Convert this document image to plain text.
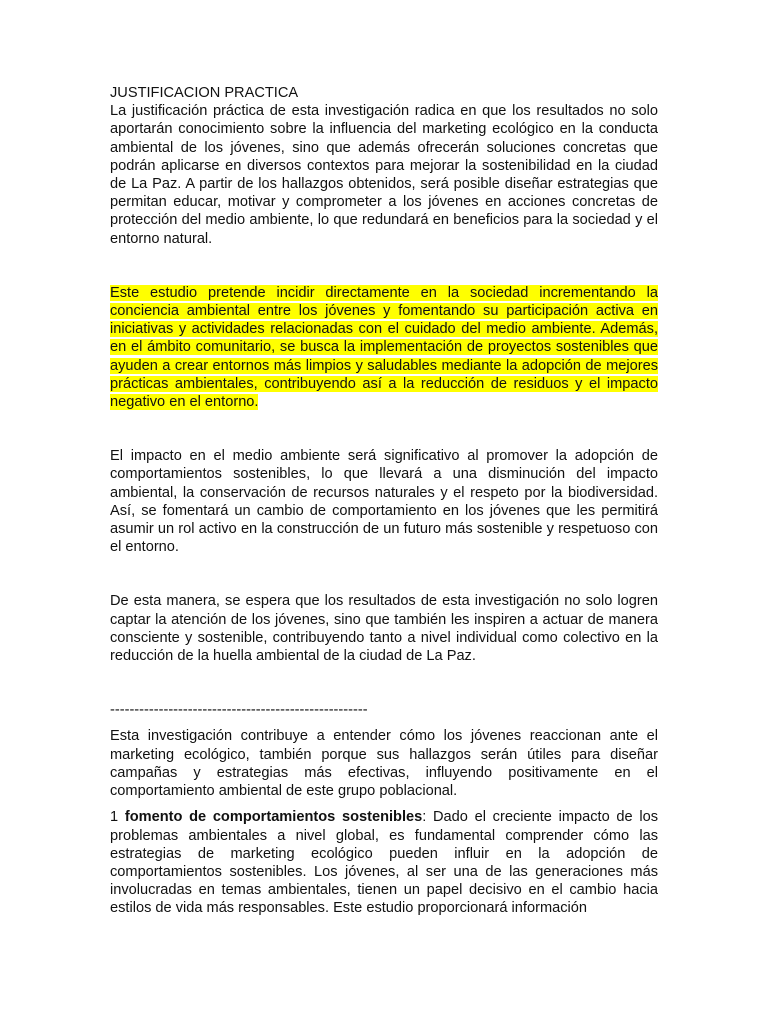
JUSTIFICACION PRACTICA

La justificación práctica de esta investigación radica en que los resultados no solo aportarán conocimiento sobre la influencia del marketing ecológico en la conducta ambiental de los jóvenes, sino que además ofrecerán soluciones concretas que podrán aplicarse en diversos contextos para mejorar la sostenibilidad en la ciudad de La Paz. A partir de los hallazgos obtenidos, será posible diseñar estrategias que permitan educar, motivar y comprometer a los jóvenes en acciones concretas de protección del medio ambiente, lo que redundará en beneficios para la sociedad y el entorno natural.

Este estudio pretende incidir directamente en la sociedad incrementando la conciencia ambiental entre los jóvenes y fomentando su participación activa en iniciativas y actividades relacionadas con el cuidado del medio ambiente. Además, en el ámbito comunitario, se busca la implementación de proyectos sostenibles que ayuden a crear entornos más limpios y saludables mediante la adopción de mejores prácticas ambientales, contribuyendo así a la reducción de residuos y el impacto negativo en el entorno.

El impacto en el medio ambiente será significativo al promover la adopción de comportamientos sostenibles, lo que llevará a una disminución del impacto ambiental, la conservación de recursos naturales y el respeto por la biodiversidad. Así, se fomentará un cambio de comportamiento en los jóvenes que les permitirá asumir un rol activo en la construcción de un futuro más sostenible y respetuoso con el entorno.

De esta manera, se espera que los resultados de esta investigación no solo logren captar la atención de los jóvenes, sino que también les inspiren a actuar de manera consciente y sostenible, contribuyendo tanto a nivel individual como colectivo en la reducción de la huella ambiental de la ciudad de La Paz.

-----------------------------------------------------

Esta investigación contribuye a entender cómo los jóvenes reaccionan ante el marketing ecológico, también porque sus hallazgos serán útiles para diseñar campañas y estrategias más efectivas, influyendo positivamente en el comportamiento ambiental de este grupo poblacional.

1 fomento de comportamientos sostenibles: Dado el creciente impacto de los problemas ambientales a nivel global, es fundamental comprender cómo las estrategias de marketing ecológico pueden influir en la adopción de comportamientos sostenibles. Los jóvenes, al ser una de las generaciones más involucradas en temas ambientales, tienen un papel decisivo en el cambio hacia estilos de vida más responsables. Este estudio proporcionará información
